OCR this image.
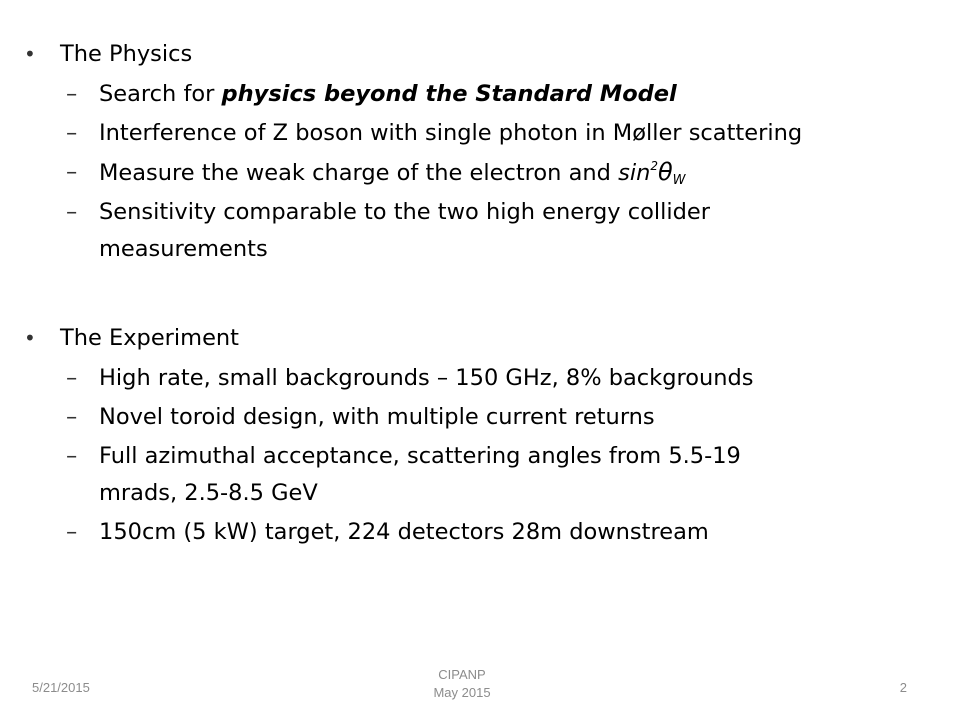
• The Physics
– Search for physics beyond the Standard Model
– Interference of Z boson with single photon in Møller scattering
– Measure the weak charge of the electron and $\sin^2\theta_W$
– Sensitivity comparable to the two high energy collider
measurements
• The Experiment
– High rate, small backgrounds – 150 GHz, 8% backgrounds
– Novel toroid design, with multiple current returns
– Full azimuthal acceptance, scattering angles from 5.5-19
mrads, 2.5-8.5 GeV
– 150cm (5 kW) target, 224 detectors 28m downstream
5/21/2015
CIPANP
May 2015	2
